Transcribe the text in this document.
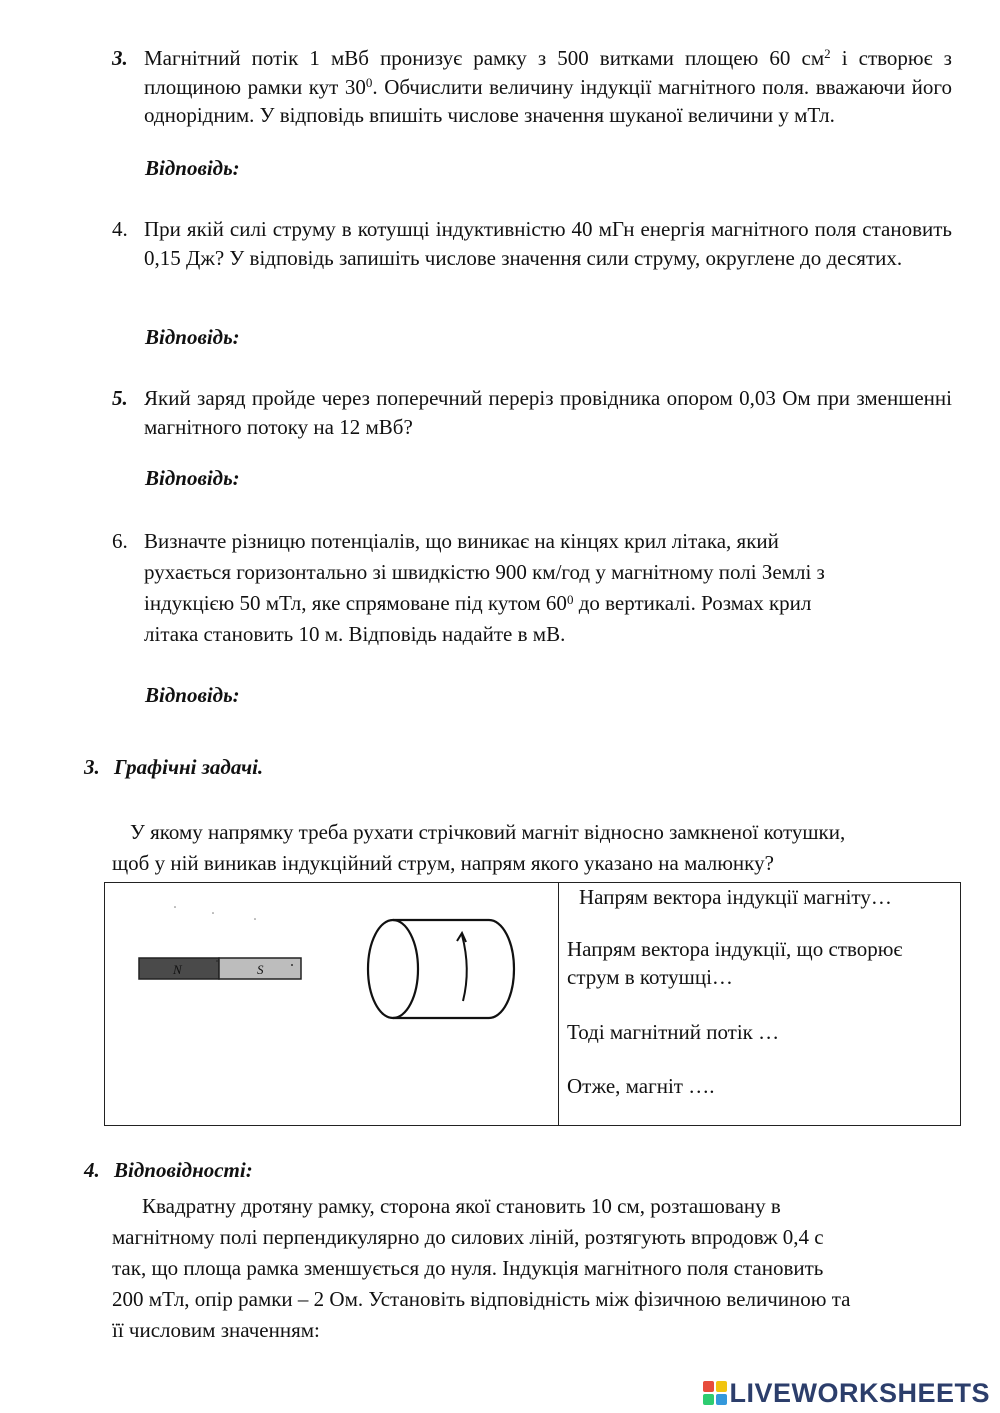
3. Магнітний потік 1 мВб пронизує рамку з 500 витками площею 60 $см^2$ і створює з площиною рамки кут $30^0$. Обчислити величину індукції магнітного поля. вважаючи його однорідним. У відповідь впишіть числове значення шуканої величини у мТл.
Відповідь:
4. При якій силі струму в котушці індуктивністю 40 мГн енергія магнітного поля становить 0,15 Дж? У відповідь запишіть числове значення сили струму, округлене до десятих.
Відповідь:
5. Який заряд пройде через поперечний переріз провідника опором 0,03 Ом при зменшенні магнітного потоку на 12 мВб?
Відповідь:
6. Визначте різницю потенціалів, що виникає на кінцях крил літака, який
рухається горизонтально зі швидкістю 900 км/год у магнітному полі Землі з
індукцією 50 мТл, яке спрямоване під кутом $60^0$ до вертикалі. Розмах крил
літака становить 10 м. Відповідь надайте в мВ.
Відповідь:
3. Графічні задачі.
У якому напрямку треба рухати стрічковий магніт відносно замкненої котушки,
щоб у ній виникав індукційний струм, напрям якого указано на малюнку?
N	S
Напрям вектора індукції магніту…
Напрям вектора індукції, що створює
струм в котушці…
Тоді магнітний потік …
Отже, магніт ….
4. Відповідності:
Квадратну дротяну рамку, сторона якої становить 10 см, розташовану в
магнітному полі перпендикулярно до силових ліній, розтягують впродовж 0,4 с
так, що площа рамка зменшується до нуля. Індукція магнітного поля становить
200 мТл, опір рамки – 2 Ом. Установіть відповідність між фізичною величиною та
її числовим значенням:
LIVEWORKSHEETS
